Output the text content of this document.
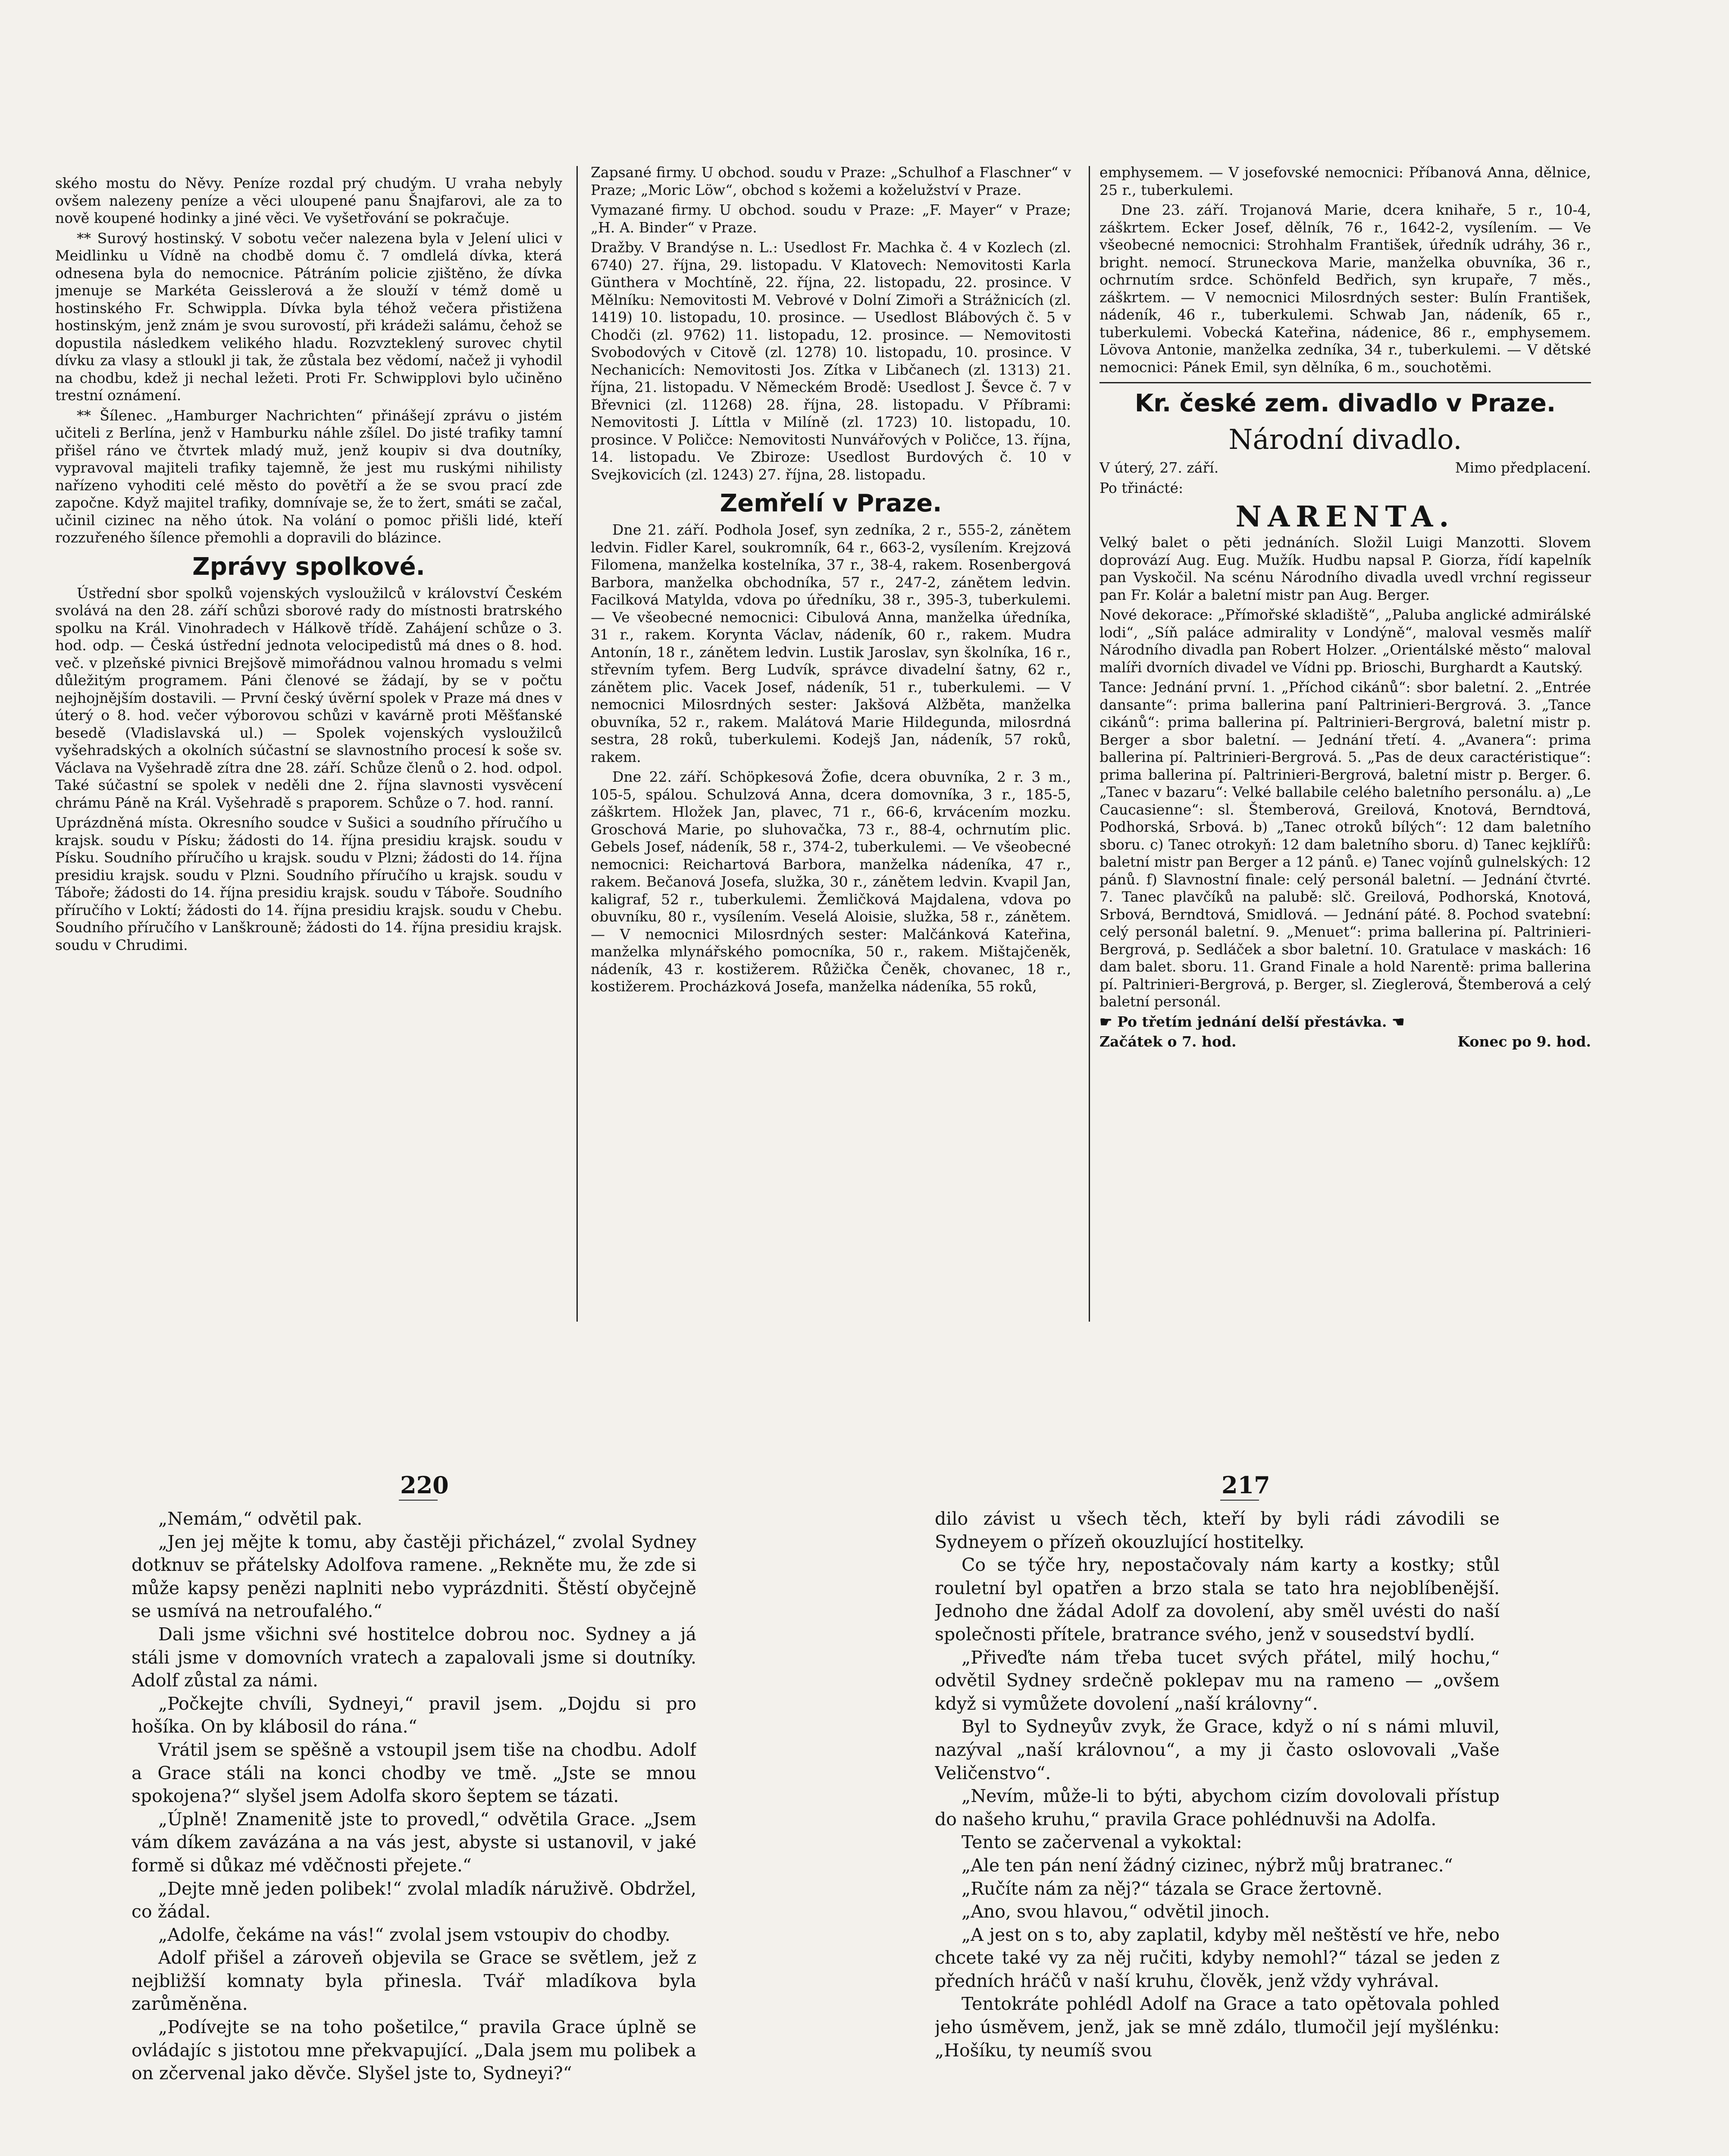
ského mostu do Něvy. Peníze rozdal prý chudým. U vraha nebyly ovšem nalezeny peníze a věci uloupené panu Šnajfarovi, ale za to nově koupené hodinky a jiné věci. Ve vyšetřování se pokračuje.

** Surový hostinský. V sobotu večer nalezena byla v Jelení ulici v Meidlinku u Vídně na chodbě domu č. 7 omdlelá dívka, která odnesena byla do nemocnice. Pátráním policie zjištěno, že dívka jmenuje se Markéta Geisslerová a že slouží v témž domě u hostinského Fr. Schwippla. Dívka byla téhož večera přistižena hostinským, jenž znám je svou surovostí, při krádeži salámu, čehož se dopustila následkem velikého hladu. Rozvzteklený surovec chytil dívku za vlasy a stloukl ji tak, že zůstala bez vědomí, načež ji vyhodil na chodbu, kdež ji nechal ležeti. Proti Fr. Schwipplovi bylo učiněno trestní oznámení.

** Šílenec. „Hamburger Nachrichten“ přinášejí zprávu o jistém učiteli z Berlína, jenž v Hamburku náhle zšílel. Do jisté trafiky tamní přišel ráno ve čtvrtek mladý muž, jenž koupiv si dva doutníky, vypravoval majiteli trafiky tajemně, že jest mu ruskými nihilisty nařízeno vyhoditi celé město do povětří a že se svou prací zde započne. Když majitel trafiky, domnívaje se, že to žert, smáti se začal, učinil cizinec na něho útok. Na volání o pomoc přišli lidé, kteří rozzuřeného šílence přemohli a dopravili do blázince.

Zprávy spolkové.

Ústřední sbor spolků vojenských vysloužilců v království Českém svolává na den 28. září schůzi sborové rady do místnosti bratrského spolku na Král. Vinohradech v Hálkově třídě. Zahájení schůze o 3. hod. odp. — Česká ústřední jednota velocipedistů má dnes o 8. hod. več. v plzeňské pivnici Brejšově mimořádnou valnou hromadu s velmi důležitým programem. Páni členové se žádají, by se v počtu nejhojnějším dostavili. — První český úvěrní spolek v Praze má dnes v úterý o 8. hod. večer výborovou schůzi v kavárně proti Měšťanské besedě (Vladislavská ul.) — Spolek vojenských vysloužilců vyšehradských a okolních súčastní se slavnostního procesí k soše sv. Václava na Vyšehradě zítra dne 28. září. Schůze členů o 2. hod. odpol. Také súčastní se spolek v neděli dne 2. října slavnosti vysvěcení chrámu Páně na Král. Vyšehradě s praporem. Schůze o 7. hod. ranní.

Uprázdněná místa. Okresního soudce v Sušici a soudního příručího u krajsk. soudu v Písku; žádosti do 14. října presidiu krajsk. soudu v Písku. Soudního příručího u krajsk. soudu v Plzni; žádosti do 14. října presidiu krajsk. soudu v Plzni. Soudního příručího u krajsk. soudu v Táboře; žádosti do 14. října presidiu krajsk. soudu v Táboře. Soudního příručího v Loktí; žádosti do 14. října presidiu krajsk. soudu v Chebu. Soudního příručího v Lanškrouně; žádosti do 14. října presidiu krajsk. soudu v Chrudimi.

Zapsané firmy. U obchod. soudu v Praze: „Schulhof a Flaschner“ v Praze; „Moric Löw“, obchod s kožemi a koželužství v Praze.

Vymazané firmy. U obchod. soudu v Praze: „F. Mayer“ v Praze; „H. A. Binder“ v Praze.

Dražby. V Brandýse n. L.: Usedlost Fr. Machka č. 4 v Kozlech (zl. 6740) 27. října, 29. listopadu. V Klatovech: Nemovitosti Karla Günthera v Mochtíně, 22. října, 22. listopadu, 22. prosince. V Mělníku: Nemovitosti M. Vebrové v Dolní Zimoři a Strážnicích (zl. 1419) 10. listopadu, 10. prosince. — Usedlost Blábových č. 5 v Chodči (zl. 9762) 11. listopadu, 12. prosince. — Nemovitosti Svobodových v Citově (zl. 1278) 10. listopadu, 10. prosince. V Nechanicích: Nemovitosti Jos. Zítka v Libčanech (zl. 1313) 21. října, 21. listopadu. V Německém Brodě: Usedlost J. Ševce č. 7 v Břevnici (zl. 11268) 28. října, 28. listopadu. V Příbrami: Nemovitosti J. Líttla v Milíně (zl. 1723) 10. listopadu, 10. prosince. V Poličce: Nemovitosti Nunvářových v Poličce, 13. října, 14. listopadu. Ve Zbiroze: Usedlost Burdových č. 10 v Svejkovicích (zl. 1243) 27. října, 28. listopadu.

Zemřelí v Praze.

Dne 21. září. Podhola Josef, syn zedníka, 2 r., 555-2, zánětem ledvin. Fidler Karel, soukromník, 64 r., 663-2, vysílením. Krejzová Filomena, manželka kostelníka, 37 r., 38-4, rakem. Rosenbergová Barbora, manželka obchodníka, 57 r., 247-2, zánětem ledvin. Facilková Matylda, vdova po úředníku, 38 r., 395-3, tuberkulemi. — Ve všeobecné nemocnici: Cibulová Anna, manželka úředníka, 31 r., rakem. Korynta Václav, nádeník, 60 r., rakem. Mudra Antonín, 18 r., zánětem ledvin. Lustik Jaroslav, syn školníka, 16 r., střevním tyfem. Berg Ludvík, správce divadelní šatny, 62 r., zánětem plic. Vacek Josef, nádeník, 51 r., tuberkulemi. — V nemocnici Milosrdných sester: Jakšová Alžběta, manželka obuvníka, 52 r., rakem. Malátová Marie Hildegunda, milosrdná sestra, 28 roků, tuberkulemi. Kodejš Jan, nádeník, 57 roků, rakem.

Dne 22. září. Schöpkesová Žofie, dcera obuvníka, 2 r. 3 m., 105-5, spálou. Schulzová Anna, dcera domovníka, 3 r., 185-5, záškrtem. Hložek Jan, plavec, 71 r., 66-6, krvácením mozku. Groschová Marie, po sluhovačka, 73 r., 88-4, ochrnutím plic. Gebels Josef, nádeník, 58 r., 374-2, tuberkulemi. — Ve všeobecné nemocnici: Reichartová Barbora, manželka nádeníka, 47 r., rakem. Bečanová Josefa, služka, 30 r., zánětem ledvin. Kvapil Jan, kaligraf, 52 r., tuberkulemi. Žemličková Majdalena, vdova po obuvníku, 80 r., vysílením. Veselá Aloisie, služka, 58 r., zánětem. — V nemocnici Milosrdných sester: Malčánková Kateřina, manželka mlynářského pomocníka, 50 r., rakem. Mištajčeněk, nádeník, 43 r. kostižerem. Růžička Čeněk, chovanec, 18 r., kostižerem. Procházková Josefa, manželka nádeníka, 55 roků,

emphysemem. — V josefovské nemocnici: Příbanová Anna, dělnice, 25 r., tuberkulemi.

Dne 23. září. Trojanová Marie, dcera knihaře, 5 r., 10-4, záškrtem. Ecker Josef, dělník, 76 r., 1642-2, vysílením. — Ve všeobecné nemocnici: Strohhalm František, úředník udráhy, 36 r., bright. nemocí. Struneckova Marie, manželka obuvníka, 36 r., ochrnutím srdce. Schönfeld Bedřich, syn krupaře, 7 měs., záškrtem. — V nemocnici Milosrdných sester: Bulín František, nádeník, 46 r., tuberkulemi. Schwab Jan, nádeník, 65 r., tuberkulemi. Vobecká Kateřina, nádenice, 86 r., emphysemem. Lövova Antonie, manželka zedníka, 34 r., tuberkulemi. — V dětské nemocnici: Pánek Emil, syn dělníka, 6 m., souchotěmi.

Kr. české zem. divadlo v Praze.
Národní divadlo.

V úterý, 27. září.	Mimo předplacení.

Po třinácté:

NARENTA.

Velký balet o pěti jednáních. Složil Luigi Manzotti. Slovem doprovází Aug. Eug. Mužík. Hudbu napsal P. Giorza, řídí kapelník pan Vyskočil. Na scénu Národního divadla uvedl vrchní regisseur pan Fr. Kolár a baletní mistr pan Aug. Berger.

Nové dekorace: „Přímořské skladiště“, „Paluba anglické admirálské lodi“, „Síň paláce admirality v Londýně“, maloval vesměs malíř Národního divadla pan Robert Holzer. „Orientálské město“ maloval malíři dvorních divadel ve Vídni pp. Brioschi, Burghardt a Kautský.

Tance: Jednání první. 1. „Příchod cikánů“: sbor baletní. 2. „Entrée dansante“: prima ballerina paní Paltrinieri-Bergrová. 3. „Tance cikánů“: prima ballerina pí. Paltrinieri-Bergrová, baletní mistr p. Berger a sbor baletní. — Jednání třetí. 4. „Avanera“: prima ballerina pí. Paltrinieri-Bergrová. 5. „Pas de deux caractéristique“: prima ballerina pí. Paltrinieri-Bergrová, baletní mistr p. Berger. 6. „Tanec v bazaru“: Velké ballabile celého baletního personálu. a) „Le Caucasienne“: sl. Štemberová, Greilová, Knotová, Berndtová, Podhorská, Srbová. b) „Tanec otroků bílých“: 12 dam baletního sboru. c) Tanec otrokyň: 12 dam baletního sboru. d) Tanec kejklířů: baletní mistr pan Berger a 12 pánů. e) Tanec vojínů gulnelských: 12 pánů. f) Slavnostní finale: celý personál baletní. — Jednání čtvrté. 7. Tanec plavčíků na palubě: slč. Greilová, Podhorská, Knotová, Srbová, Berndtová, Smidlová. — Jednání páté. 8. Pochod svatební: celý personál baletní. 9. „Menuet“: prima ballerina pí. Paltrinieri-Bergrová, p. Sedláček a sbor baletní. 10. Gratulace v maskách: 16 dam balet. sboru. 11. Grand Finale a hold Narentě: prima ballerina pí. Paltrinieri-Bergrová, p. Berger, sl. Zieglerová, Štemberová a celý baletní personál.

☛ Po třetím jednání delší přestávka. ☚

Začátek o 7. hod.	Konec po 9. hod.

220	217

„Nemám,“ odvětil pak.

„Jen jej mějte k tomu, aby častěji přicházel,“ zvolal Sydney dotknuv se přátelsky Adolfova ramene. „Rekněte mu, že zde si může kapsy penězi naplniti nebo vyprázdniti. Štěstí obyčejně se usmívá na netroufalého.“

Dali jsme všichni své hostitelce dobrou noc. Sydney a já stáli jsme v domovních vratech a zapalovali jsme si doutníky. Adolf zůstal za námi.

„Počkejte chvíli, Sydneyi,“ pravil jsem. „Dojdu si pro hošíka. On by klábosil do rána.“

Vrátil jsem se spěšně a vstoupil jsem tiše na chodbu. Adolf a Grace stáli na konci chodby ve tmě. „Jste se mnou spokojena?“ slyšel jsem Adolfa skoro šeptem se tázati.

„Úplně! Znamenitě jste to provedl,“ odvětila Grace. „Jsem vám díkem zavázána a na vás jest, abyste si ustanovil, v jaké formě si důkaz mé vděčnosti přejete.“

„Dejte mně jeden polibek!“ zvolal mladík náruživě. Obdržel, co žádal.

„Adolfe, čekáme na vás!“ zvolal jsem vstoupiv do chodby.

Adolf přišel a zároveň objevila se Grace se světlem, jež z nejbližší komnaty byla přinesla. Tvář mladíkova byla zarůměněna.

„Podívejte se na toho pošetilce,“ pravila Grace úplně se ovládajíc s jistotou mne překvapující. „Dala jsem mu polibek a on zčervenal jako děvče. Slyšel jste to, Sydneyi?“

dilo závist u všech těch, kteří by byli rádi závodili se Sydneyem o přízeň okouzlující hostitelky.

Co se týče hry, nepostačovaly nám karty a kostky; stůl rouletní byl opatřen a brzo stala se tato hra nejoblíbenější. Jednoho dne žádal Adolf za dovolení, aby směl uvésti do naší společnosti přítele, bratrance svého, jenž v sousedství bydlí.

„Přiveďte nám třeba tucet svých přátel, milý hochu,“ odvětil Sydney srdečně poklepav mu na rameno — „ovšem když si vymůžete dovolení „naší královny“.

Byl to Sydneyův zvyk, že Grace, když o ní s námi mluvil, nazýval „naší královnou“, a my ji často oslovovali „Vaše Veličenstvo“.

„Nevím, může-li to býti, abychom cizím dovolovali přístup do našeho kruhu,“ pravila Grace pohlédnuvši na Adolfa.

Tento se začervenal a vykoktal:

„Ale ten pán není žádný cizinec, nýbrž můj bratranec.“

„Ručíte nám za něj?“ tázala se Grace žertovně.

„Ano, svou hlavou,“ odvětil jinoch.

„A jest on s to, aby zaplatil, kdyby měl neštěstí ve hře, nebo chcete také vy za něj ručiti, kdyby nemohl?“ tázal se jeden z předních hráčů v naší kruhu, člověk, jenž vždy vyhrával.

Tentokráte pohlédl Adolf na Grace a tato opětovala pohled jeho úsměvem, jenž, jak se mně zdálo, tlumočil její myšlénku: „Hošíku, ty neumíš svou
